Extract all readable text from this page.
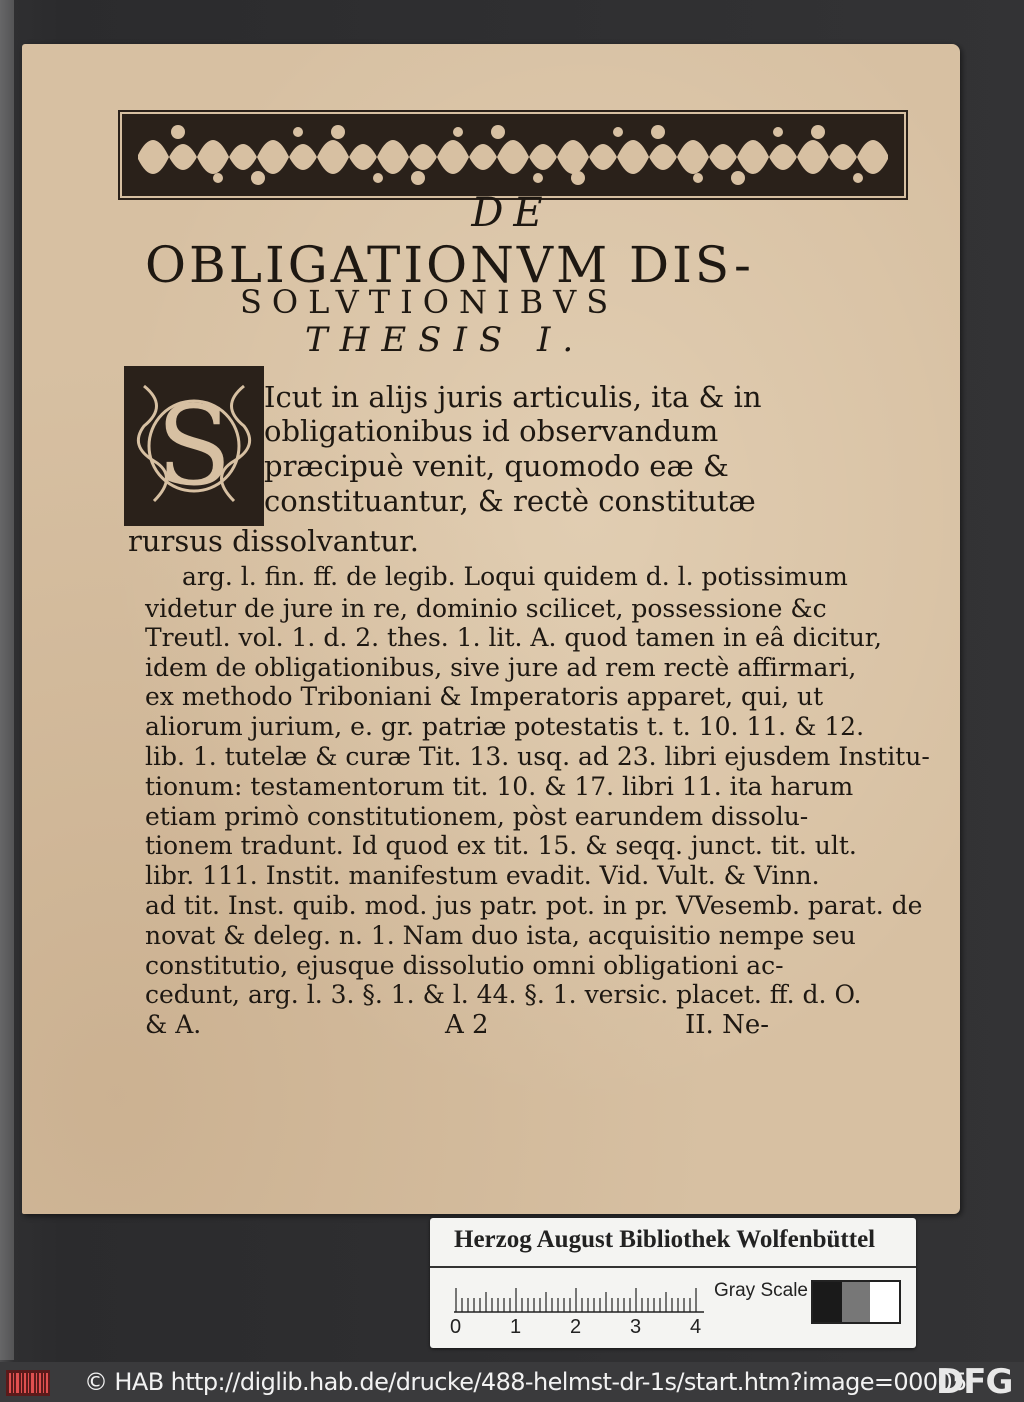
DE
OBLIGATIONVM DIS-
SOLVTIONIBVS
THESIS I.
S Icut in alijs juris articulis, ita & in
obligationibus id observandum
præcipuè venit, quomodo eæ &
constituantur, & rectè constitutæ
rursus dissolvantur.
arg. l. fin. ff. de legib. Loqui quidem d. l. potissimum
videtur de jure in re, dominio scilicet, possessione &c
Treutl. vol. 1. d. 2. thes. 1. lit. A. quod tamen in eâ dicitur,
idem de obligationibus, sive jure ad rem rectè affirmari,
ex methodo Triboniani & Imperatoris apparet, qui, ut
aliorum jurium, e. gr. patriæ potestatis t. t. 10. 11. & 12.
lib. 1. tutelæ & curæ Tit. 13. usq. ad 23. libri ejusdem Institu-
tionum: testamentorum tit. 10. & 17. libri 11. ita harum
etiam primò constitutionem, pòst earundem dissolu-
tionem tradunt. Id quod ex tit. 15. & seqq. junct. tit. ult.
libr. 111. Instit. manifestum evadit. Vid. Vult. & Vinn.
ad tit. Inst. quib. mod. jus patr. pot. in pr. VVesemb. parat. de
novat & deleg. n. 1. Nam duo ista, acquisitio nempe seu
constitutio, ejusque dissolutio omni obligationi ac-
cedunt, arg. l. 3. §. 1. & l. 44. §. 1. versic. placet. ff. d. O.
& A.	A 2	II. Ne-
Herzog August Bibliothek Wolfenbüttel
0 1 2 3 4
Gray Scale
© HAB http://diglib.hab.de/drucke/488-helmst-dr-1s/start.htm?image=00005
DFG
